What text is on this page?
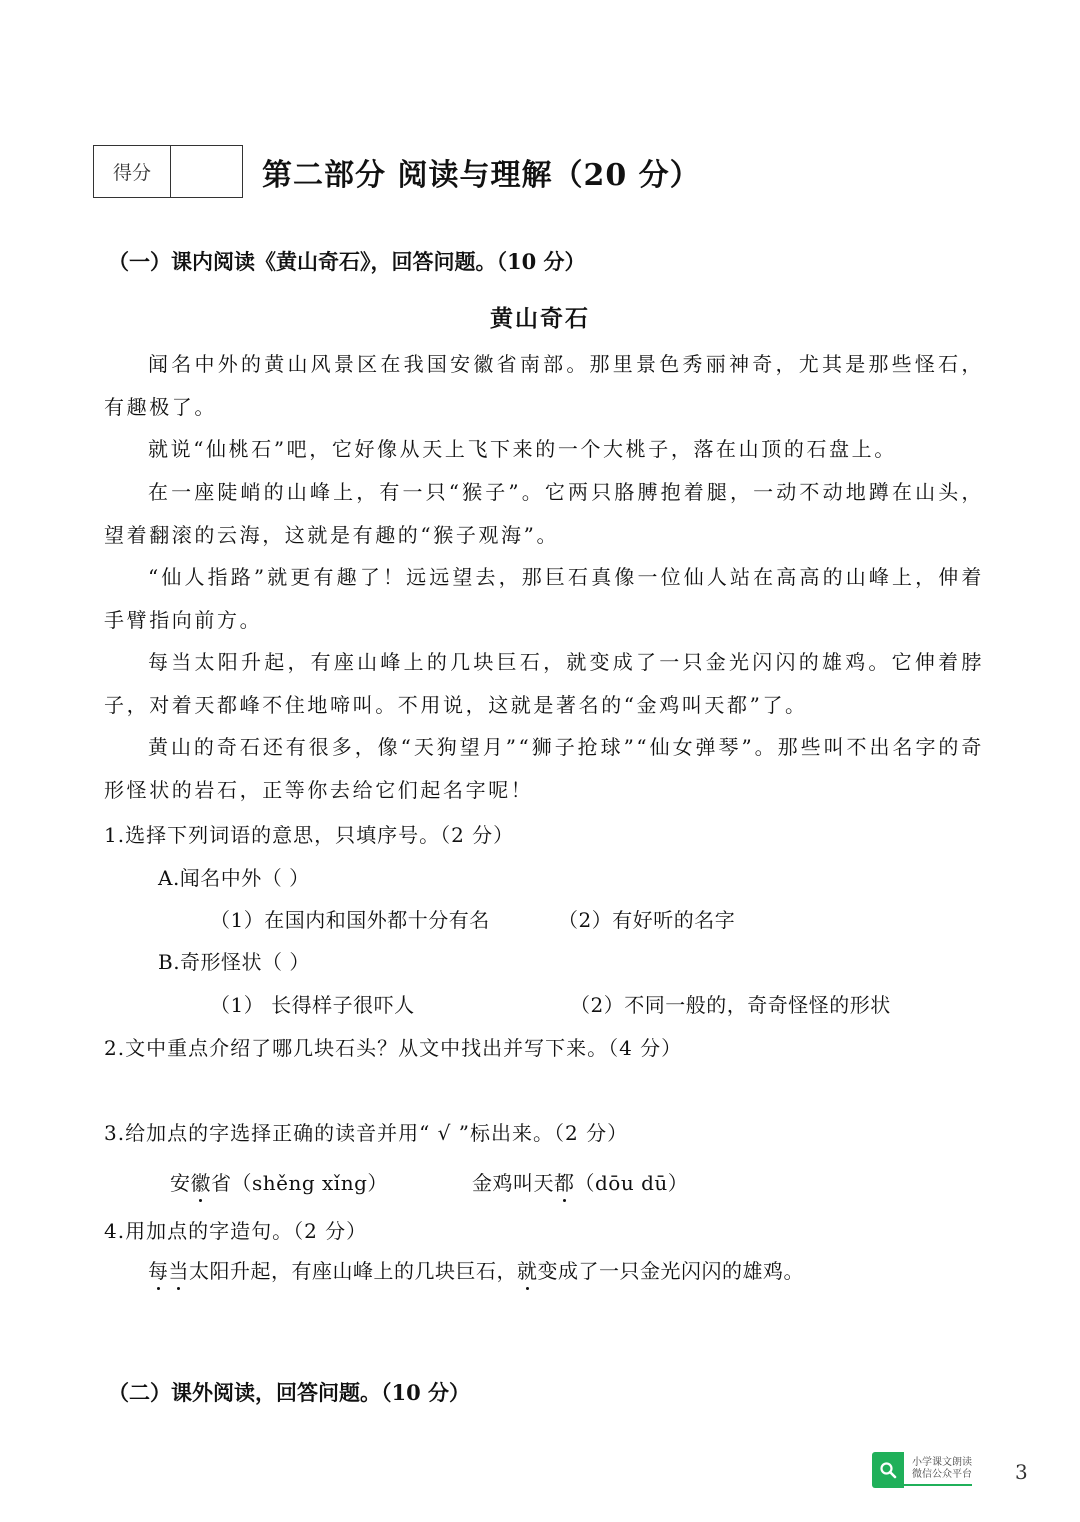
得分	第二部分 阅读与理解（20 分）
（一）课内阅读《黄山奇石》，回答问题。（10 分）
黄山奇石
闻名中外的黄山风景区在我国安徽省南部。那里景色秀丽神奇，尤其是那些怪石，有趣极了。
就说“仙桃石”吧，它好像从天上飞下来的一个大桃子，落在山顶的石盘上。
在一座陡峭的山峰上，有一只“猴子”。它两只胳膊抱着腿，一动不动地蹲在山头，望着翻滚的云海，这就是有趣的“猴子观海”。
“仙人指路”就更有趣了！远远望去，那巨石真像一位仙人站在高高的山峰上，伸着手臂指向前方。
每当太阳升起，有座山峰上的几块巨石，就变成了一只金光闪闪的雄鸡。它伸着脖子，对着天都峰不住地啼叫。不用说，这就是著名的“金鸡叫天都”了。
黄山的奇石还有很多，像“天狗望月”“狮子抢球”“仙女弹琴”。那些叫不出名字的奇形怪状的岩石，正等你去给它们起名字呢！
1.选择下列词语的意思，只填序号。（2 分）
A.闻名中外（ ）
（1）在国内和国外都十分有名	（2）有好听的名字
B.奇形怪状（ ）
（1） 长得样子很吓人	（2）不同一般的，奇奇怪怪的形状
2.文中重点介绍了哪几块石头？从文中找出并写下来。（4 分）
3.给加点的字选择正确的读音并用“ √ ”标出来。（2 分）
安徽省（shěng xǐng）	金鸡叫天都（dōu dū）
4.用加点的字造句。（2 分）
每当太阳升起，有座山峰上的几块巨石，就变成了一只金光闪闪的雄鸡。
（二）课外阅读，回答问题。（10 分）
小学课文朗读
微信公众平台 3
